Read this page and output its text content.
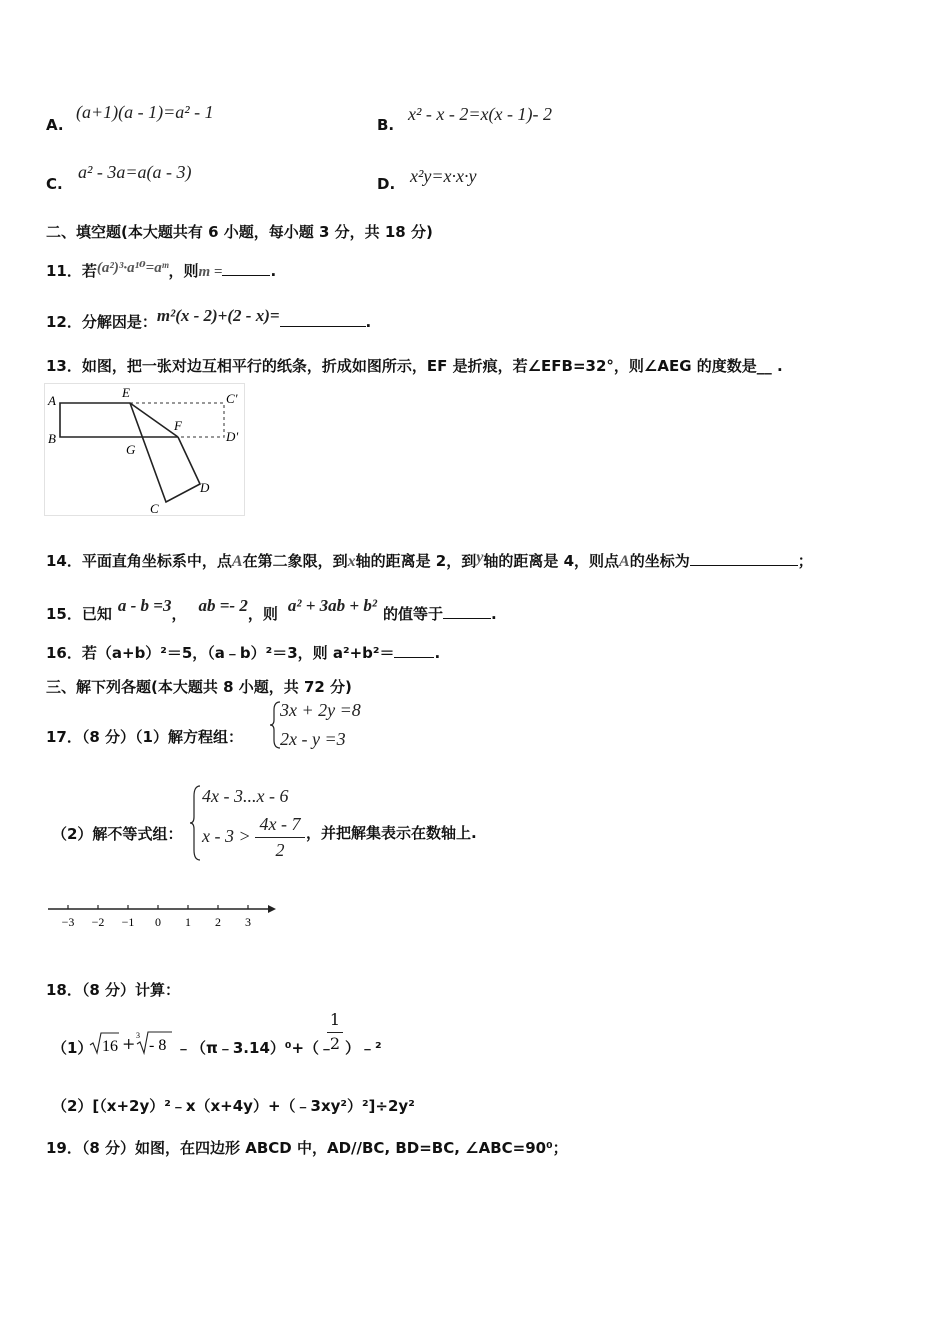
A.
(a+1)(a - 1)=a² - 1
B.
x² - x - 2=x(x - 1)- 2
C.
a² - 3a=a(a - 3)
D. x²y=x·x·y
二、填空题(本大题共有 6 小题，每小题 3 分，共 18 分)
11．若(a²)³·a¹⁰=aᵐ，则m =	.
12．分解因是：m²(x - 2)+(2 - x)=	.
13．如图，把一张对边互相平行的纸条，折成如图所示，EF 是折痕，若∠EFB=32°，则∠AEG 的度数是__ .
A
B
E
F
G
C
D
C'
D'
14．平面直角坐标系中，点A在第二象限，到x轴的距离是 2，到y轴的距离是 4，则点A的坐标为	；
15．已知 a - b =3， ab =- 2，则 a² + 3ab + b² 的值等于	.
16．若（a+b）²＝5，（a﹣b）²＝3，则 a²+b²＝	.
三、解下列各题(本大题共 8 小题，共 72 分)
17．（8 分）（1）解方程组：
3x + 2y =8
2x - y =3
（2）解不等式组：
4x - 3...x - 6
x - 3 >
4x - 7
2
，并把解集表示在数轴上.
−3 −2 −1 0 1 2 3
18．（8 分）计算：
（1） 16 + 3
- 8 ﹣（π﹣3.14）⁰+（﹣
1
2 ）﹣²
（2）[（x+2y）²﹣x（x+4y）+（﹣3xy²）²]÷2y²
19．（8 分）如图，在四边形 ABCD 中，AD//BC, BD=BC, ∠ABC=90⁰；
